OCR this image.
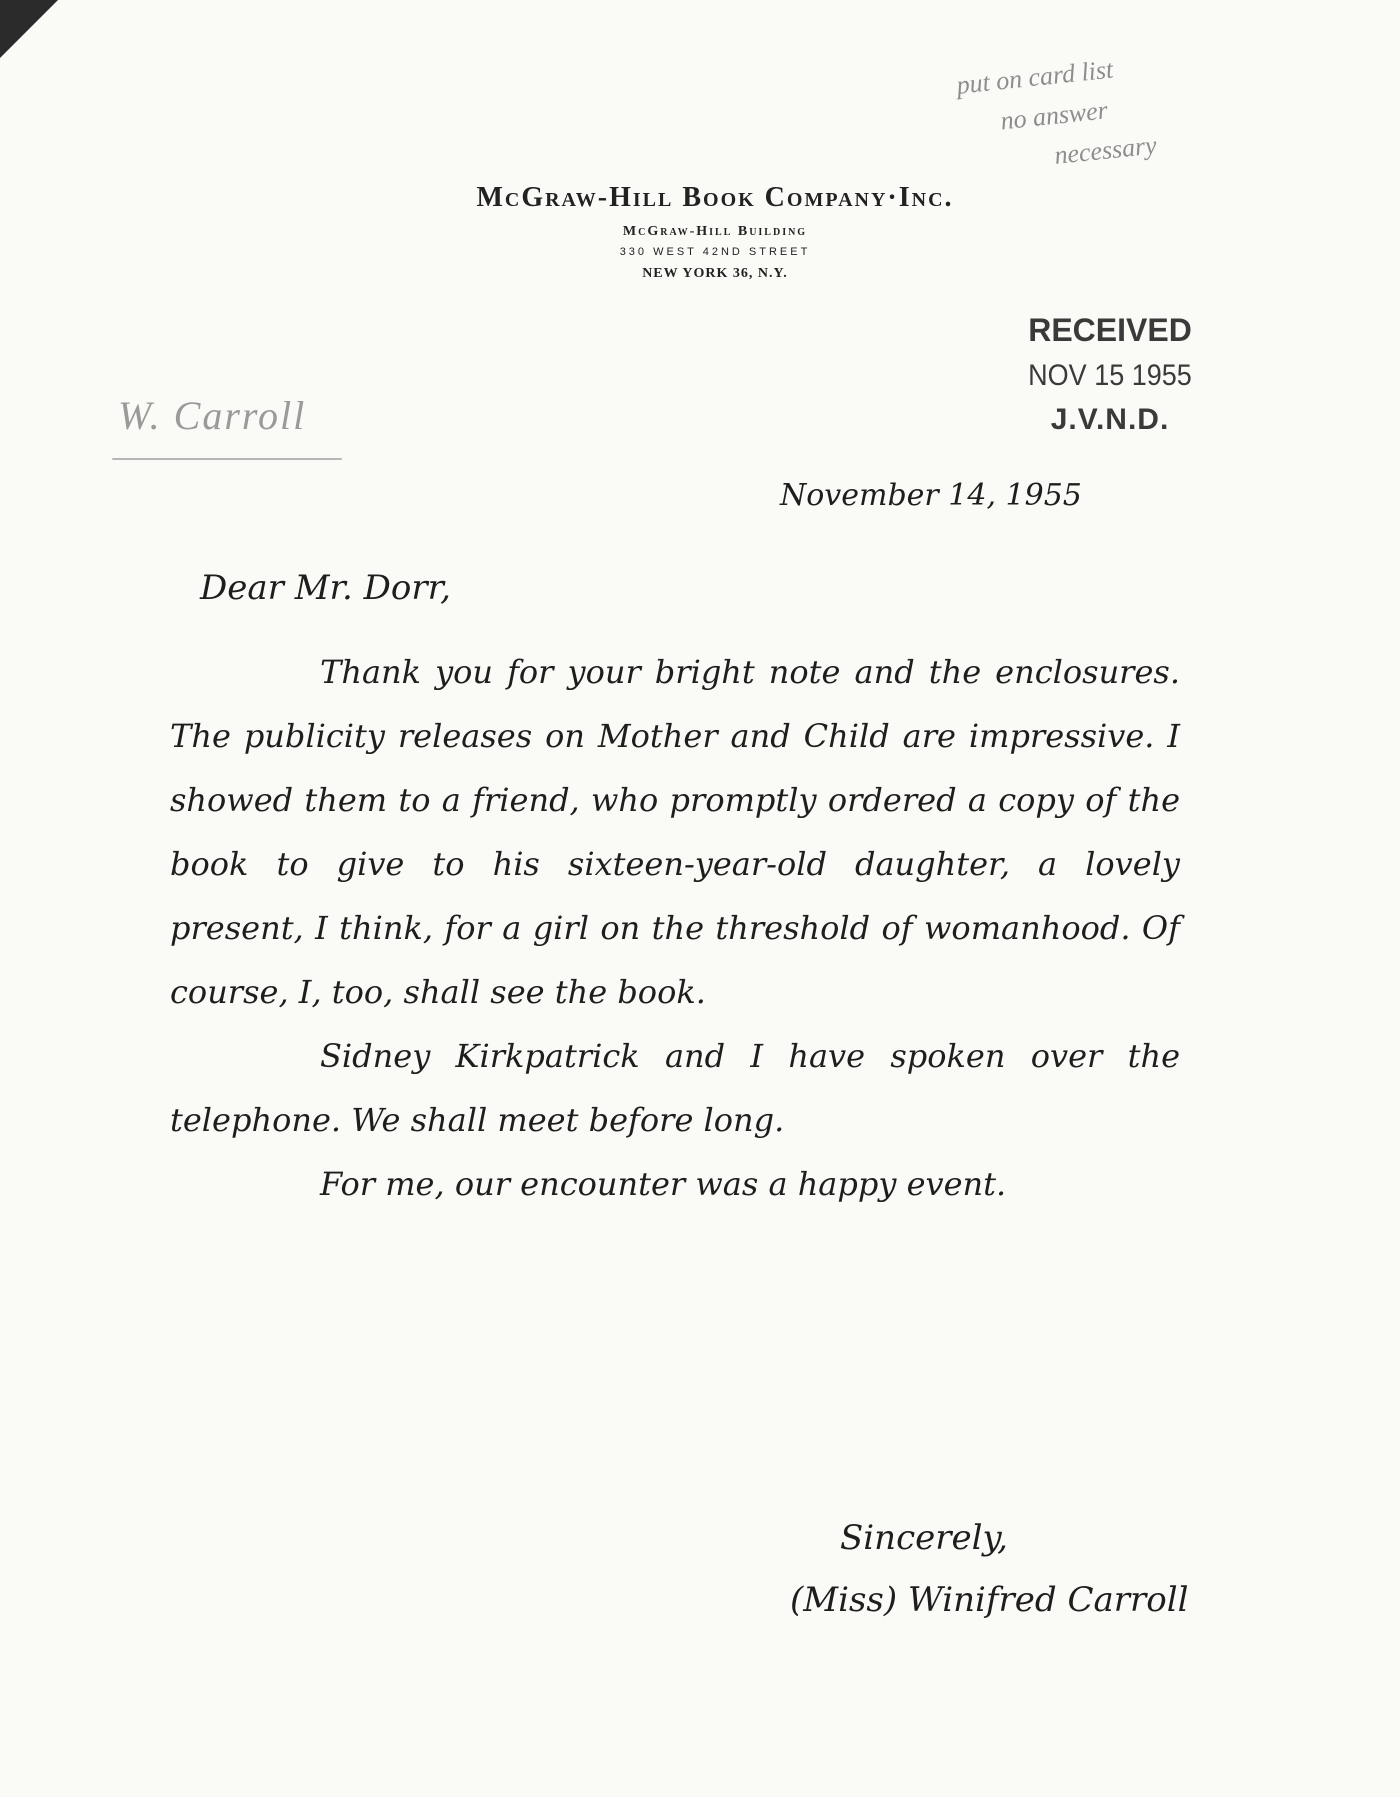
McGraw-Hill Book Company·Inc.
McGraw-Hill Building
330 WEST 42ND STREET
NEW YORK 36, N.Y.
put on card list
no answer
necessary
RECEIVED
NOV 15 1955
J.V.N.D.
W. Carroll
November 14, 1955
Dear Mr. Dorr,

Thank you for your bright note and the enclosures. The publicity releases on Mother and Child are impressive. I showed them to a friend, who promptly ordered a copy of the book to give to his sixteen-year-old daughter, a lovely present, I think, for a girl on the threshold of womanhood. Of course, I, too, shall see the book.

Sidney Kirkpatrick and I have spoken over the telephone. We shall meet before long.

For me, our encounter was a happy event.

Sincerely,
(Miss) Winifred Carroll
